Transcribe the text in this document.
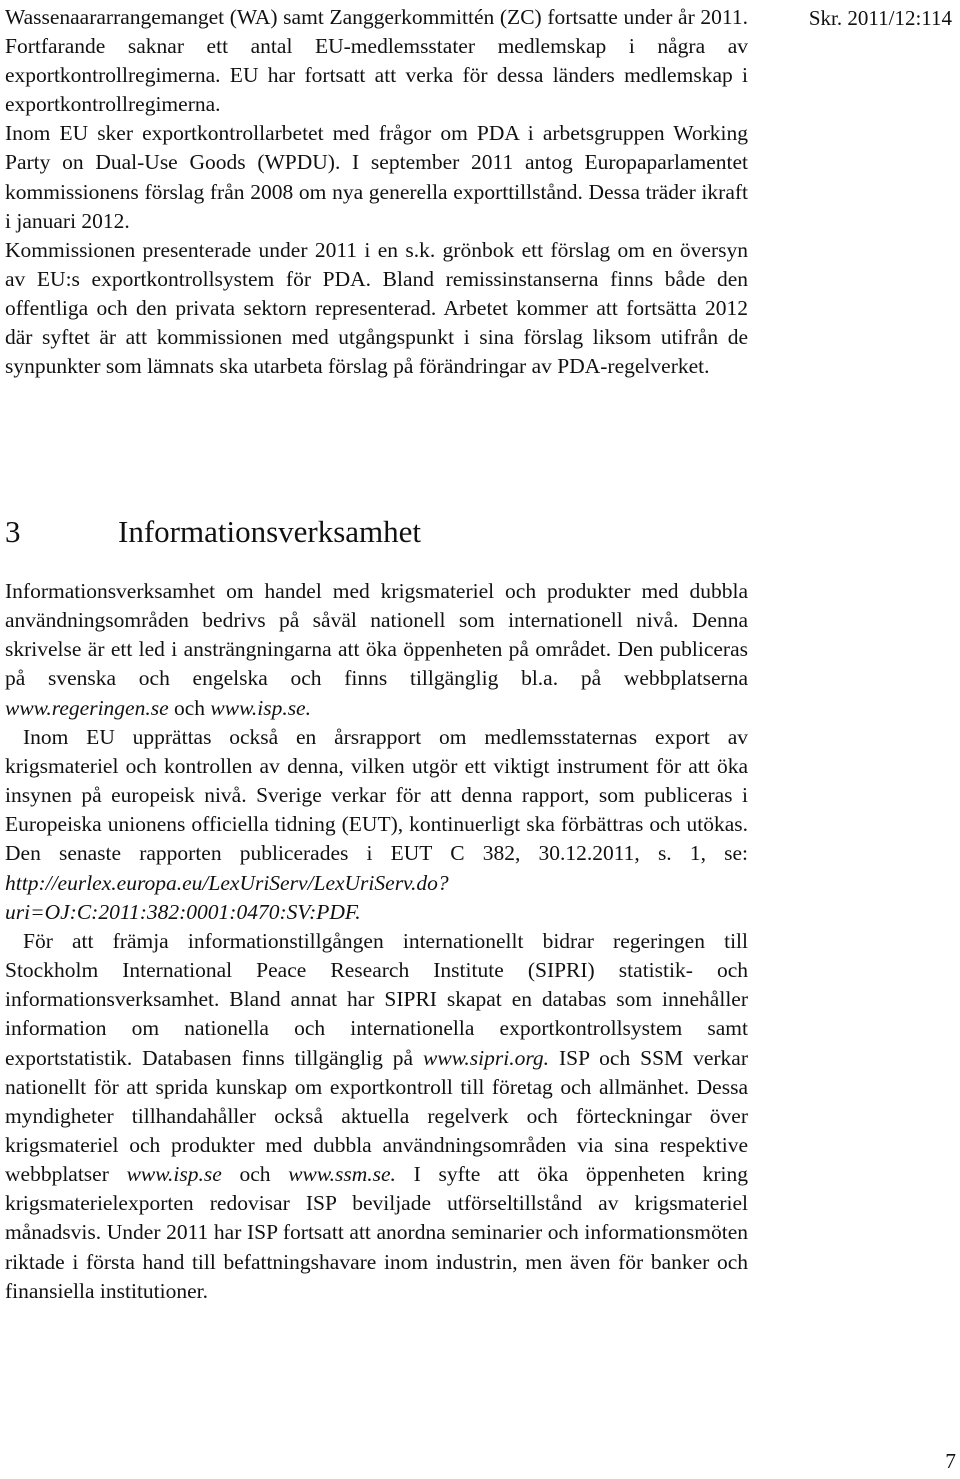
Skr. 2011/12:114

Wassenaararrangemanget (WA) samt Zanggerkommittén (ZC) fortsatte under år 2011. Fortfarande saknar ett antal EU-medlemsstater medlemskap i några av exportkontrollregimerna. EU har fortsatt att verka för dessa länders medlemskap i exportkontrollregimerna.

Inom EU sker exportkontrollarbetet med frågor om PDA i arbetsgruppen Working Party on Dual-Use Goods (WPDU). I september 2011 antog Europaparlamentet kommissionens förslag från 2008 om nya generella exporttillstånd. Dessa träder ikraft i januari 2012.

Kommissionen presenterade under 2011 i en s.k. grönbok ett förslag om en översyn av EU:s exportkontrollsystem för PDA. Bland remissinstanserna finns både den offentliga och den privata sektorn representerad. Arbetet kommer att fortsätta 2012 där syftet är att kommissionen med utgångspunkt i sina förslag liksom utifrån de synpunkter som lämnats ska utarbeta förslag på förändringar av PDA-regelverket.

3	Informationsverksamhet

Informationsverksamhet om handel med krigsmateriel och produkter med dubbla användningsområden bedrivs på såväl nationell som internationell nivå. Denna skrivelse är ett led i ansträngningarna att öka öppenheten på området. Den publiceras på svenska och engelska och finns tillgänglig bl.a. på webbplatserna www.regeringen.se och www.isp.se.

Inom EU upprättas också en årsrapport om medlemsstaternas export av krigsmateriel och kontrollen av denna, vilken utgör ett viktigt instrument för att öka insynen på europeisk nivå. Sverige verkar för att denna rapport, som publiceras i Europeiska unionens officiella tidning (EUT), kontinuerligt ska förbättras och utökas. Den senaste rapporten publicerades i EUT C 382, 30.12.2011, s. 1, se: http://eurlex.europa.eu/LexUriServ/LexUriServ.do?uri=OJ:C:2011:382:0001:0470:SV:PDF.

För att främja informationstillgången internationellt bidrar regeringen till Stockholm International Peace Research Institute (SIPRI) statistik- och informationsverksamhet. Bland annat har SIPRI skapat en databas som innehåller information om nationella och internationella exportkontrollsystem samt exportstatistik. Databasen finns tillgänglig på www.sipri.org. ISP och SSM verkar nationellt för att sprida kunskap om exportkontroll till företag och allmänhet. Dessa myndigheter tillhandahåller också aktuella regelverk och förteckningar över krigsmateriel och produkter med dubbla användningsområden via sina respektive webbplatser www.isp.se och www.ssm.se. I syfte att öka öppenheten kring krigsmaterielexporten redovisar ISP beviljade utförseltillstånd av krigsmateriel månadsvis. Under 2011 har ISP fortsatt att anordna seminarier och informationsmöten riktade i första hand till befattningshavare inom industrin, men även för banker och finansiella institutioner.

7
